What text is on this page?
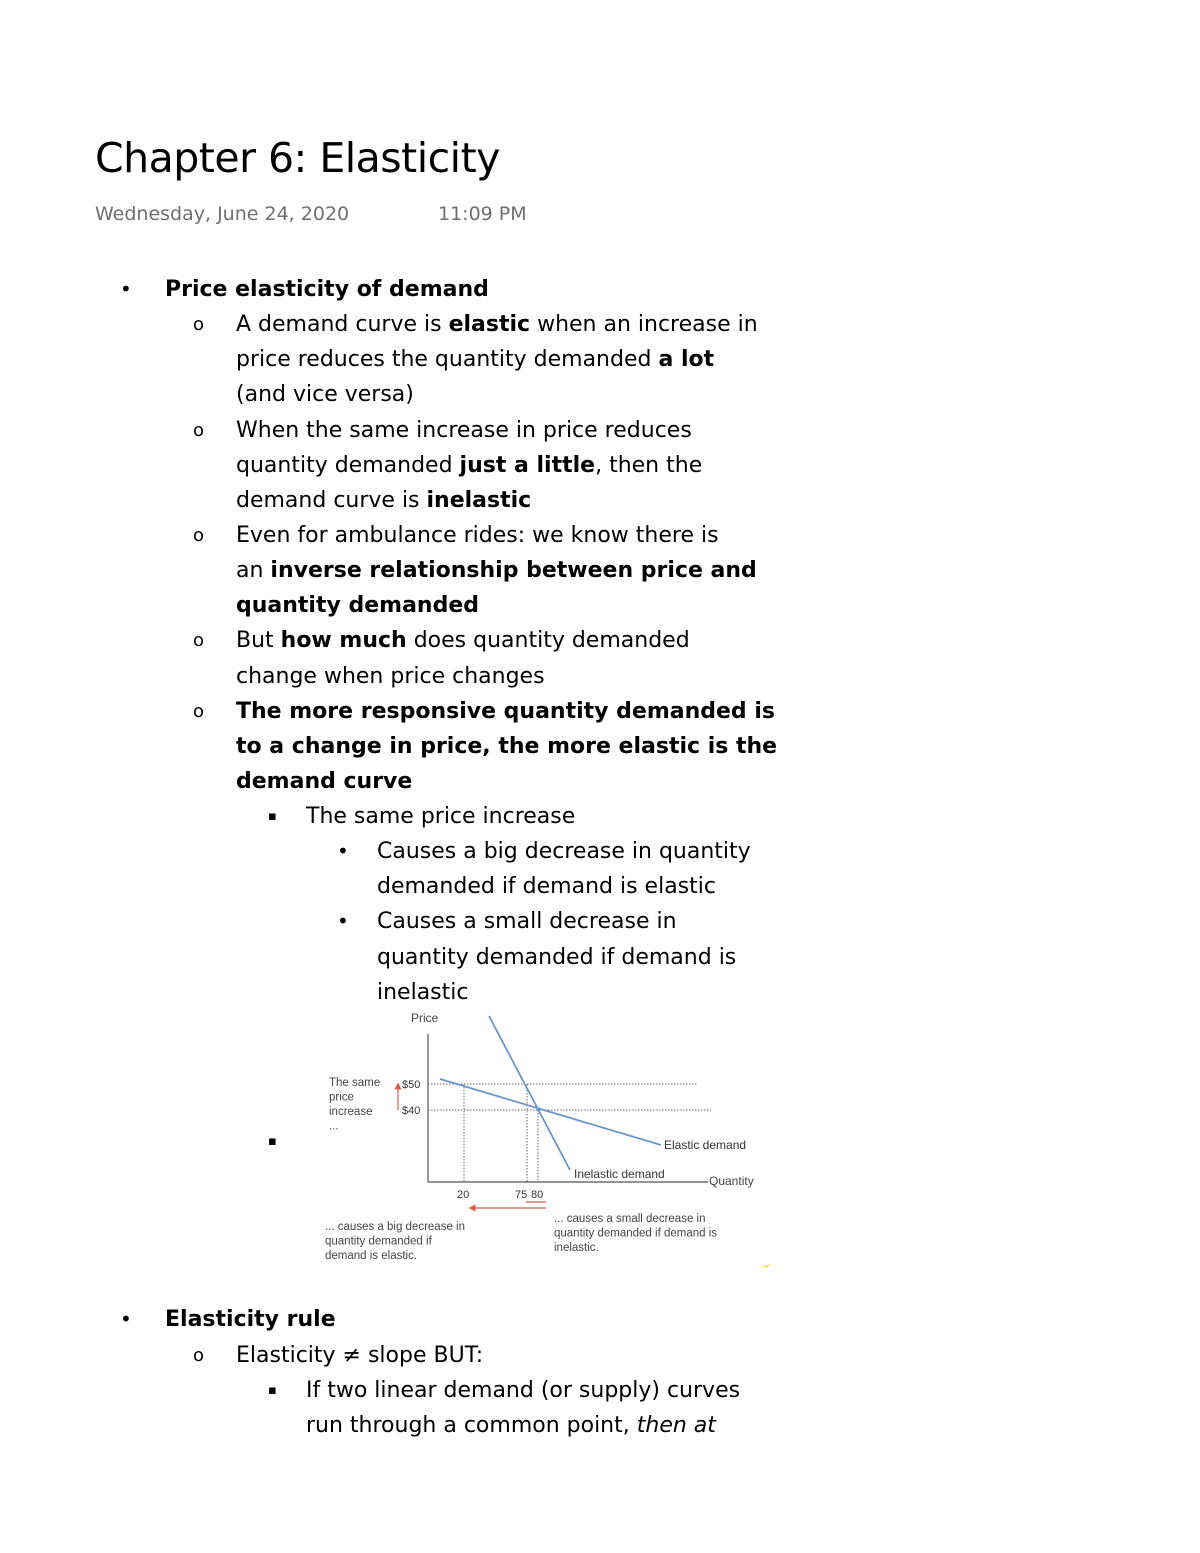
Chapter 6: Elasticity
Wednesday, June 24, 2020	11:09 PM
• Price elasticity of demand
o A demand curve is elastic when an increase in
price reduces the quantity demanded a lot
(and vice versa)
o When the same increase in price reduces
quantity demanded just a little, then the
demand curve is inelastic
o Even for ambulance rides: we know there is
an inverse relationship between price and
quantity demanded
o But how much does quantity demanded
change when price changes
o The more responsive quantity demanded is
to a change in price, the more elastic is the
demand curve
▪ The same price increase
• Causes a big decrease in quantity
demanded if demand is elastic
• Causes a small decrease in
quantity demanded if demand is
inelastic
▪
Price
Quantity
Elastic demand
Inelastic demand
$50
$40
20	75 80
The same
price
increase
...
... causes a big decrease in
quantity demanded if
demand is elastic.
... causes a small decrease in
quantity demanded if demand is
inelastic.
• Elasticity rule
o Elasticity ≠ slope BUT:
▪ If two linear demand (or supply) curves
run through a common point, then at
